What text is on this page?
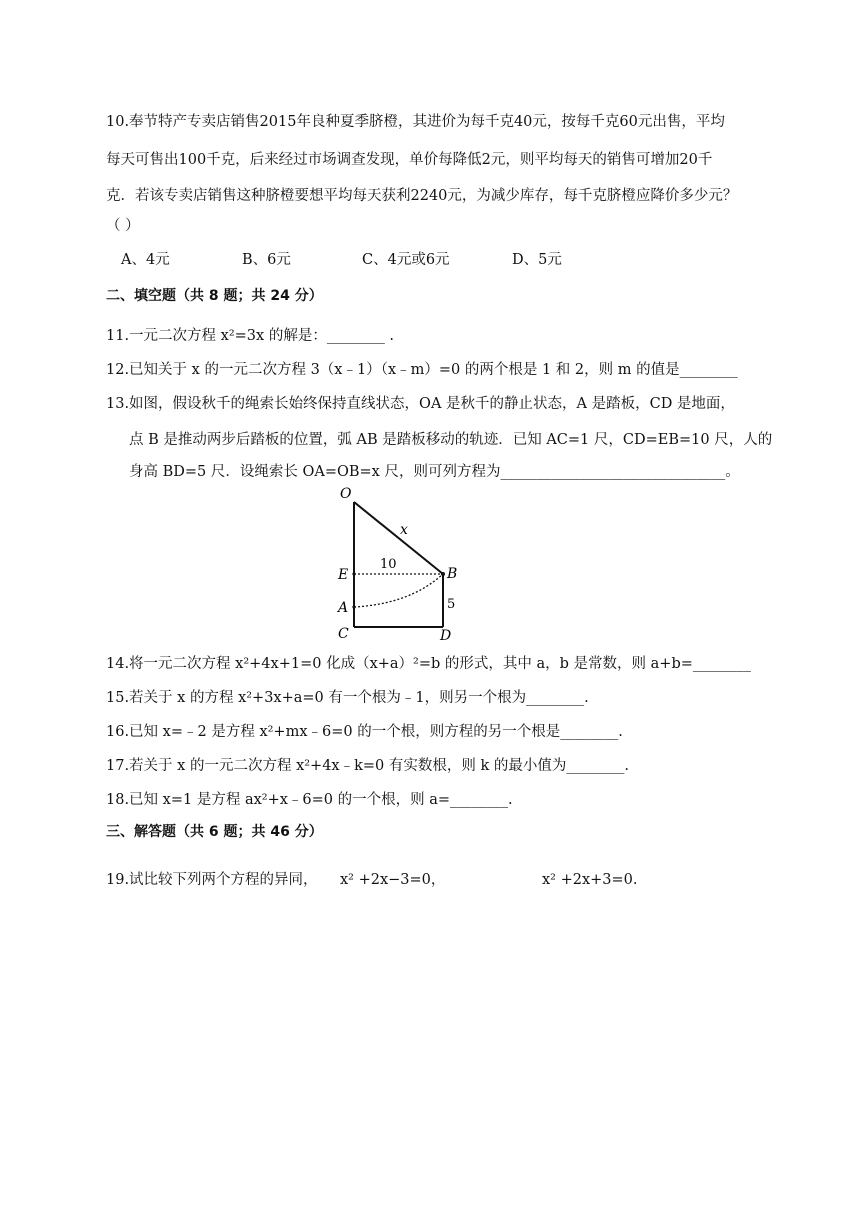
10.奉节特产专卖店销售2015年良种夏季脐橙，其进价为每千克40元，按每千克60元出售，平均
每天可售出100千克，后来经过市场调查发现，单价每降低2元，则平均每天的销售可增加20千
克．若该专卖店销售这种脐橙要想平均每天获利2240元，为减少库存，每千克脐橙应降价多少元？
（ ）
A、4元	B、6元	C、4元或6元	D、5元
二、填空题（共 8 题；共 24 分）
11.一元二次方程 x²=3x 的解是：________ .
12.已知关于 x 的一元二次方程 3（x﹣1）（x﹣m）=0 的两个根是 1 和 2，则 m 的值是________
13.如图，假设秋千的绳索长始终保持直线状态，OA 是秋千的静止状态，A 是踏板，CD 是地面，
点 B 是推动两步后踏板的位置，弧 AB 是踏板移动的轨迹．已知 AC=1 尺，CD=EB=10 尺，人的
身高 BD=5 尺．设绳索长 OA=OB=x 尺，则可列方程为_______________________________。
O
x
E
10
B
A	5
C	D
14.将一元二次方程 x²+4x+1=0 化成（x+a）²=b 的形式，其中 a，b 是常数，则 a+b=________
15.若关于 x 的方程 x²+3x+a=0 有一个根为﹣1，则另一个根为________.
16.已知 x=﹣2 是方程 x²+mx﹣6=0 的一个根，则方程的另一个根是________.
17.若关于 x 的一元二次方程 x²+4x﹣k=0 有实数根，则 k 的最小值为________.
18.已知 x=1 是方程 ax²+x﹣6=0 的一个根，则 a=________.
三、解答题（共 6 题；共 46 分）
19.试比较下列两个方程的异同， x² +2x−3=0，	x² +2x+3=0.
